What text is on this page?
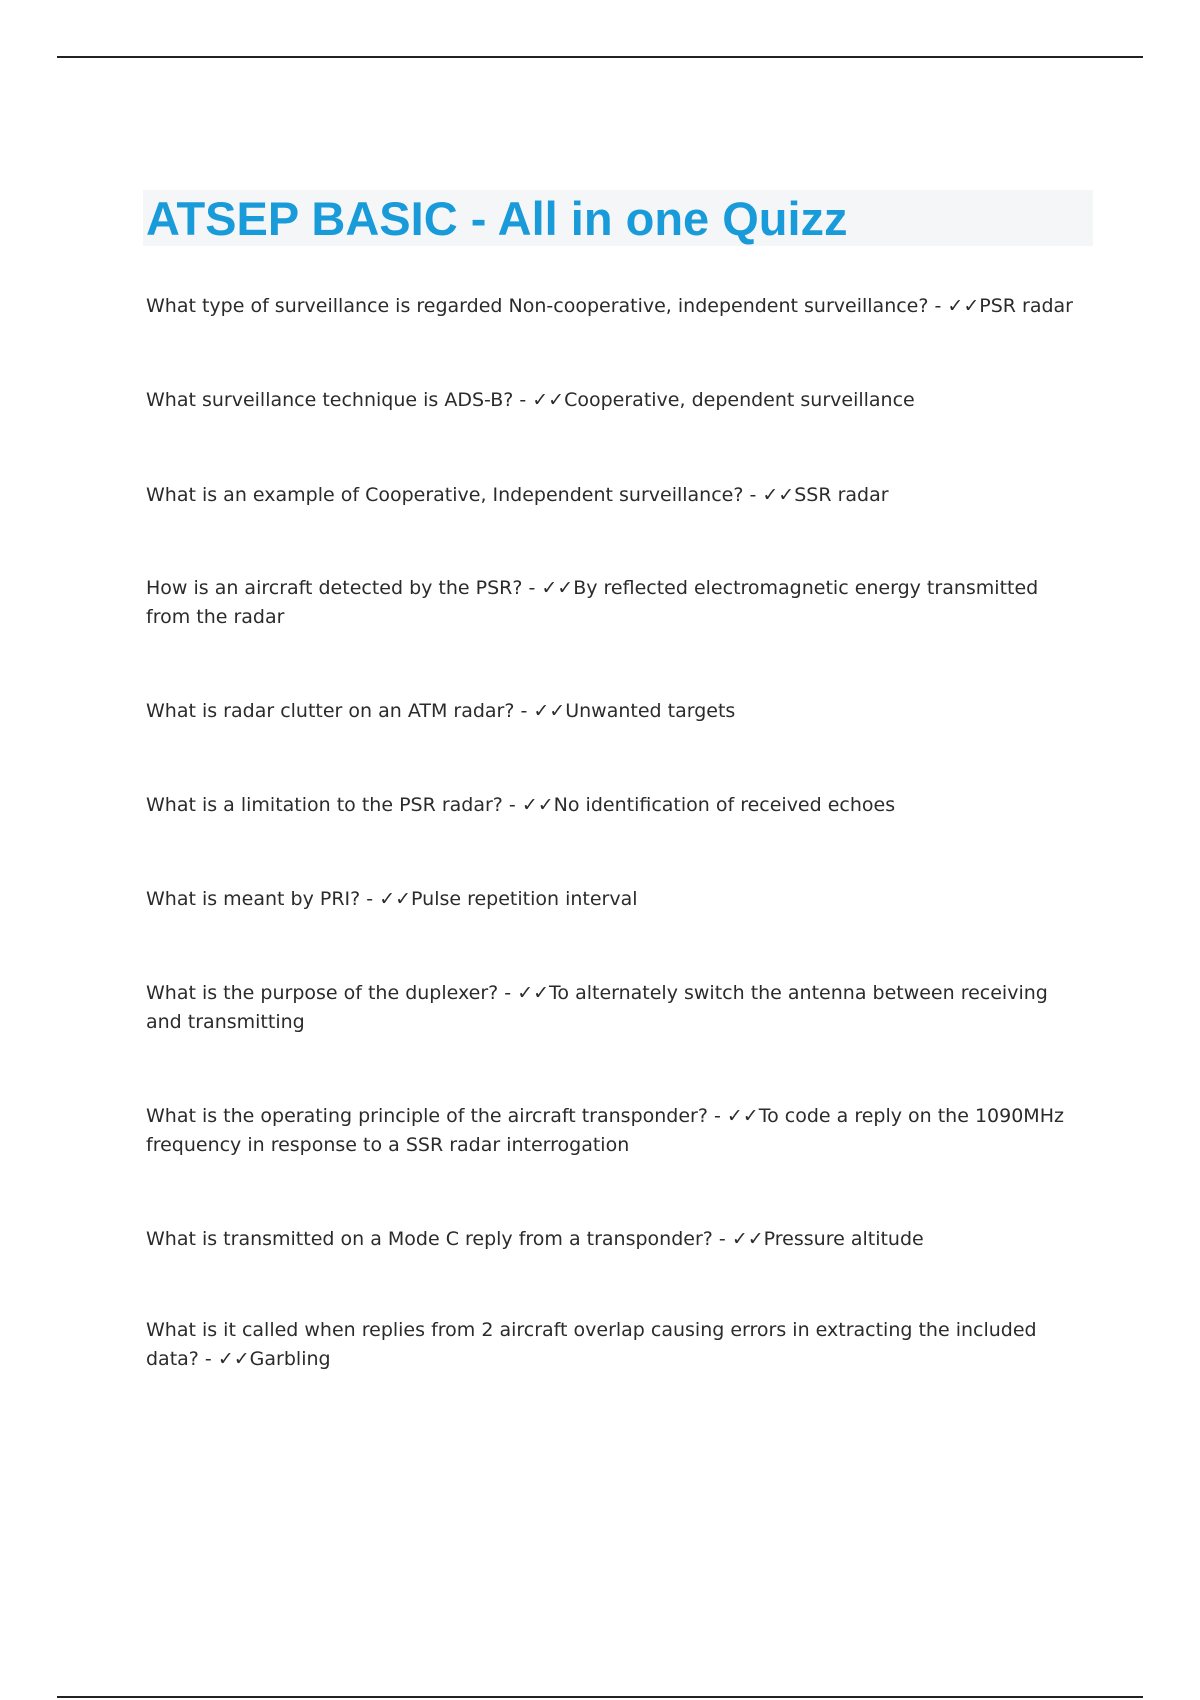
ATSEP BASIC - All in one Quizz

What type of surveillance is regarded Non-cooperative, independent surveillance? - ✓✓PSR radar

What surveillance technique is ADS-B? - ✓✓Cooperative, dependent surveillance

What is an example of Cooperative, Independent surveillance? - ✓✓SSR radar

How is an aircraft detected by the PSR? - ✓✓By reflected electromagnetic energy transmitted from the radar

What is radar clutter on an ATM radar? - ✓✓Unwanted targets

What is a limitation to the PSR radar? - ✓✓No identification of received echoes

What is meant by PRI? - ✓✓Pulse repetition interval

What is the purpose of the duplexer? - ✓✓To alternately switch the antenna between receiving and transmitting

What is the operating principle of the aircraft transponder? - ✓✓To code a reply on the 1090MHz frequency in response to a SSR radar interrogation

What is transmitted on a Mode C reply from a transponder? - ✓✓Pressure altitude

What is it called when replies from 2 aircraft overlap causing errors in extracting the included data? - ✓✓Garbling
